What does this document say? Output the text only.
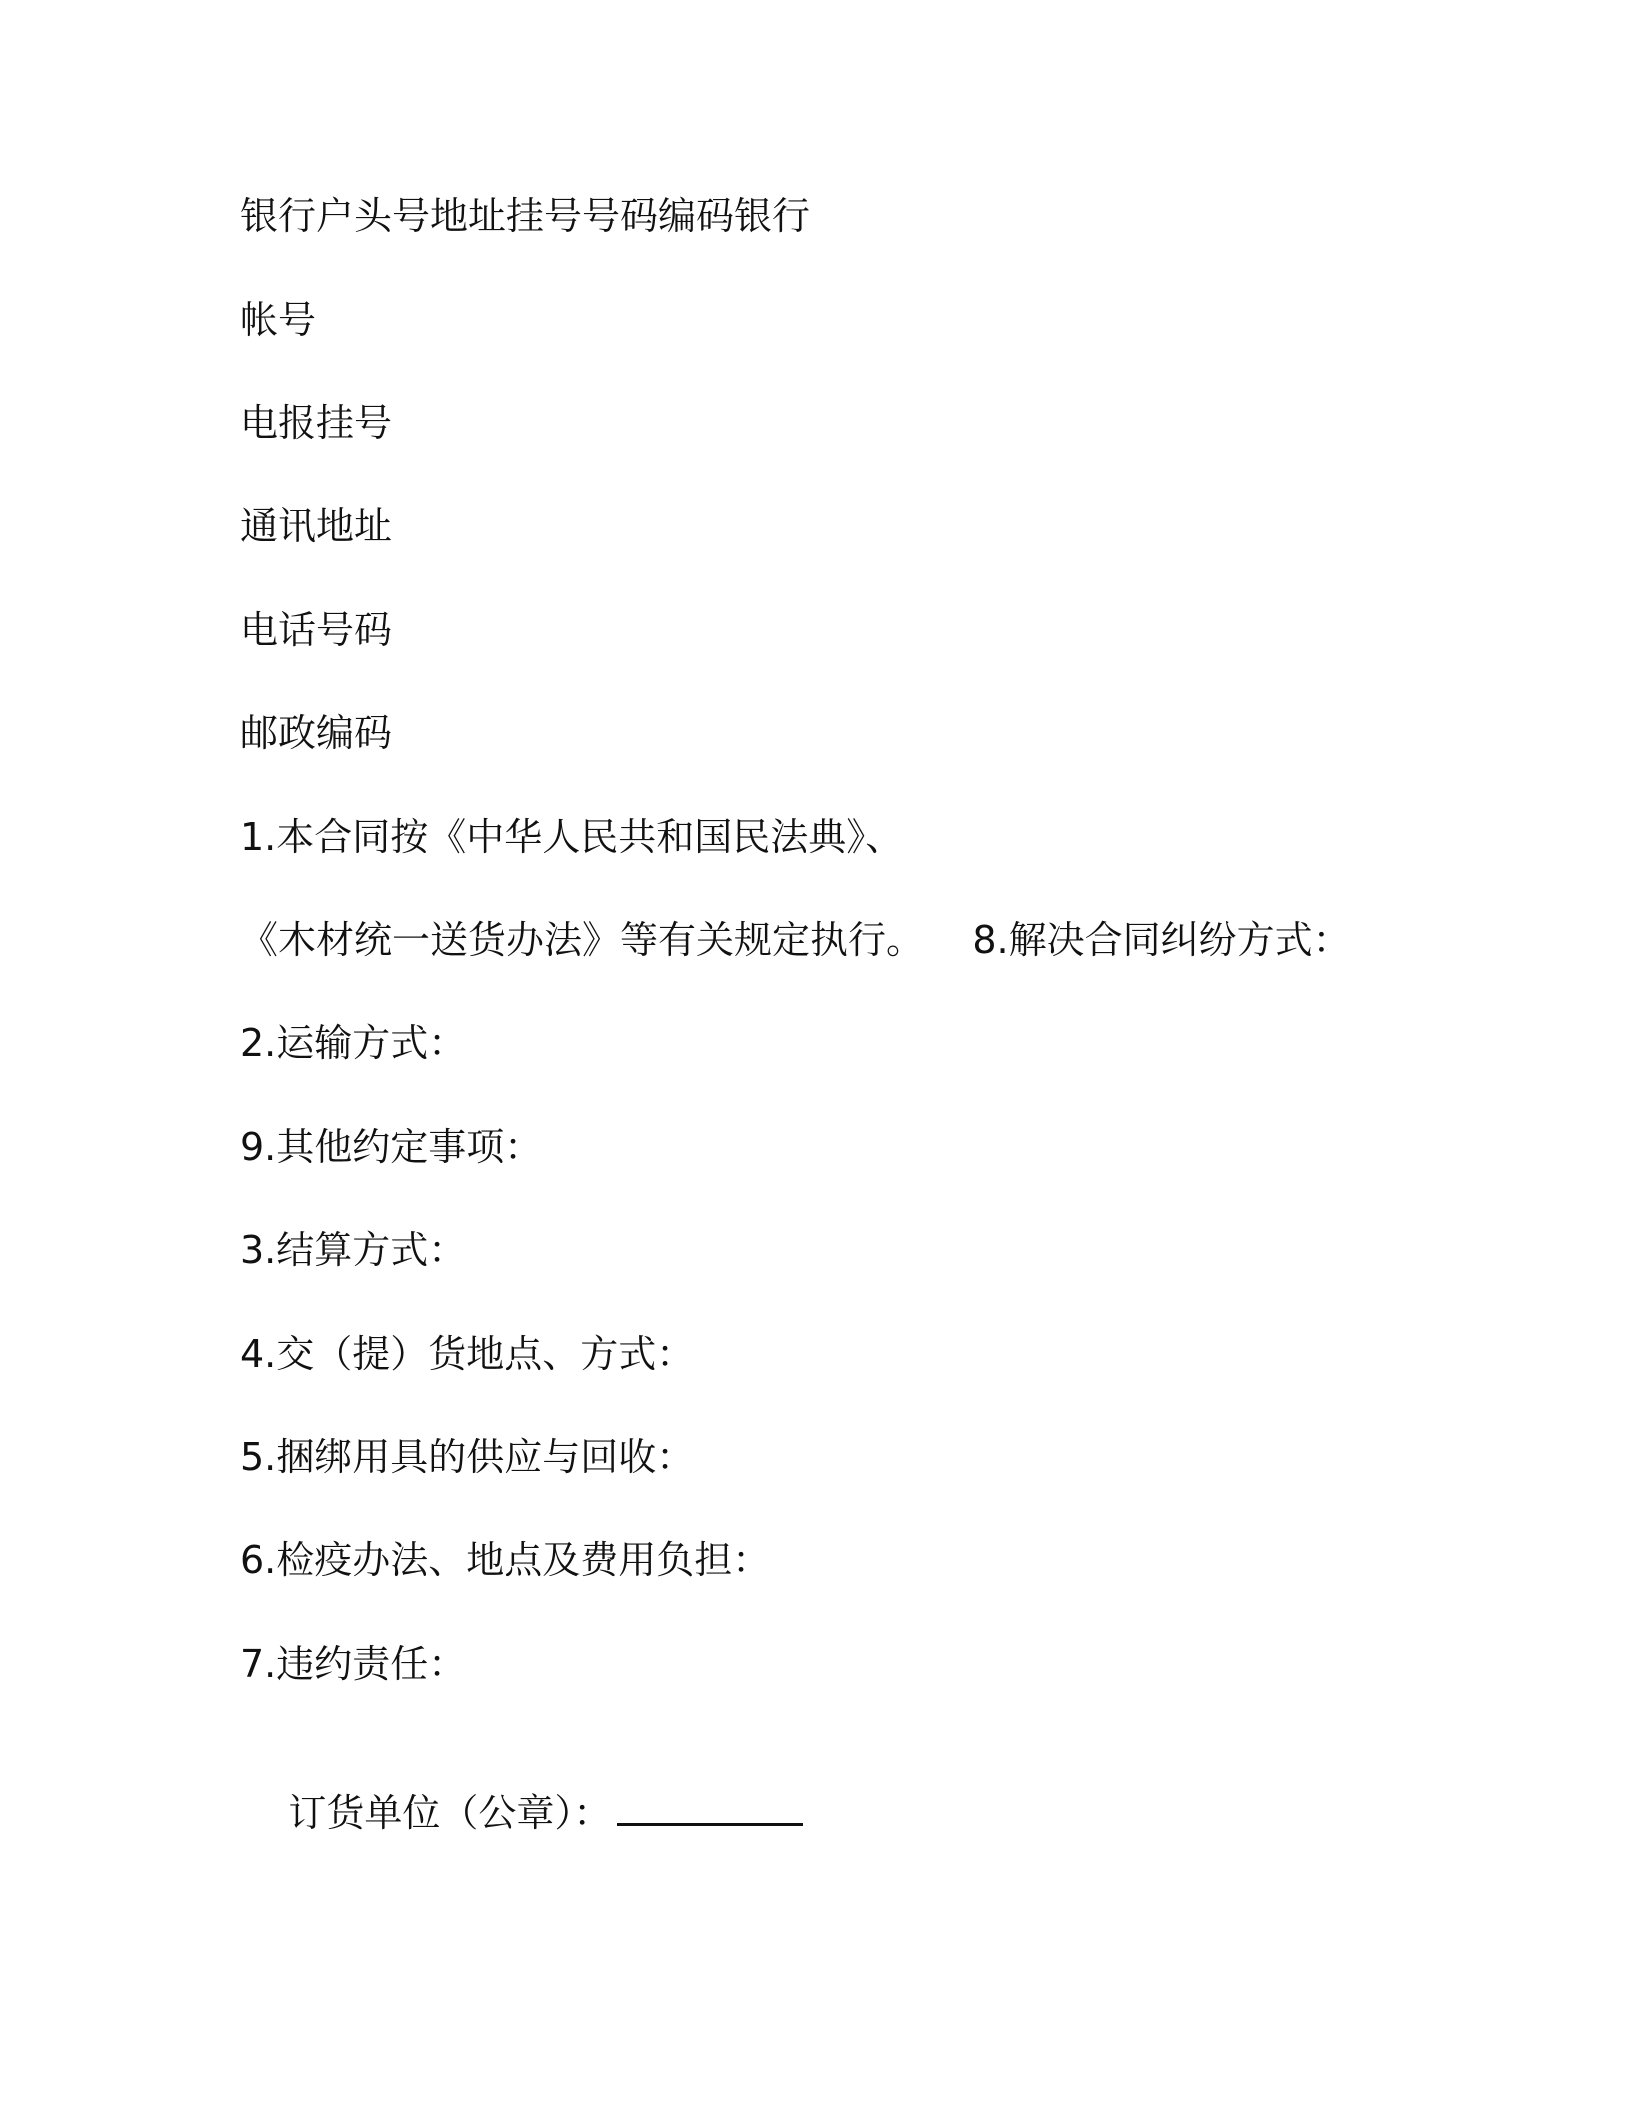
银行户头号地址挂号号码编码银行
帐号
电报挂号
通讯地址
电话号码
邮政编码
1.本合同按《中华人民共和国民法典》、
《木材统一送货办法》等有关规定执行。    8.解决合同纠纷方式：
2.运输方式：
9.其他约定事项：
3.结算方式：
4.交（提）货地点、方式：
5.捆绑用具的供应与回收：
6.检疫办法、地点及费用负担：
7.违约责任：

订货单位（公章）：
